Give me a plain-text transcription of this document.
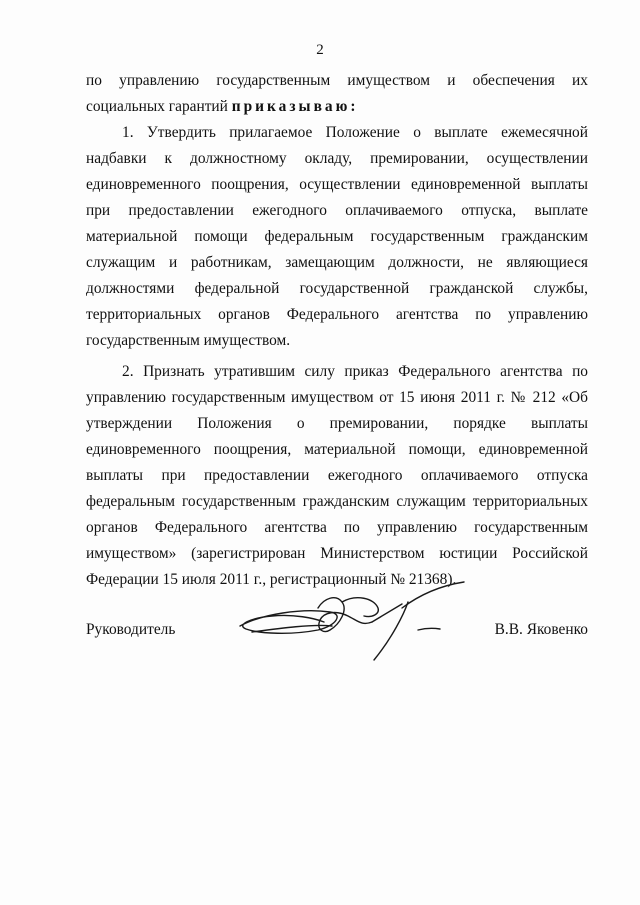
2

по управлению государственным имуществом и обеспечения их социальных гарантий приказываю:

1. Утвердить прилагаемое Положение о выплате ежемесячной надбавки к должностному окладу, премировании, осуществлении единовременного поощрения, осуществлении единовременной выплаты при предоставлении ежегодного оплачиваемого отпуска, выплате материальной помощи федеральным государственным гражданским служащим и работникам, замещающим должности, не являющиеся должностями федеральной государственной гражданской службы, территориальных органов Федерального агентства по управлению государственным имуществом.

2. Признать утратившим силу приказ Федерального агентства по управлению государственным имуществом от 15 июня 2011 г. № 212 «Об утверждении Положения о премировании, порядке выплаты единовременного поощрения, материальной помощи, единовременной выплаты при предоставлении ежегодного оплачиваемого отпуска федеральным государственным гражданским служащим территориальных органов Федерального агентства по управлению государственным имуществом» (зарегистрирован Министерством юстиции Российской Федерации 15 июля 2011 г., регистрационный № 21368).

Руководитель	В.В. Яковенко
